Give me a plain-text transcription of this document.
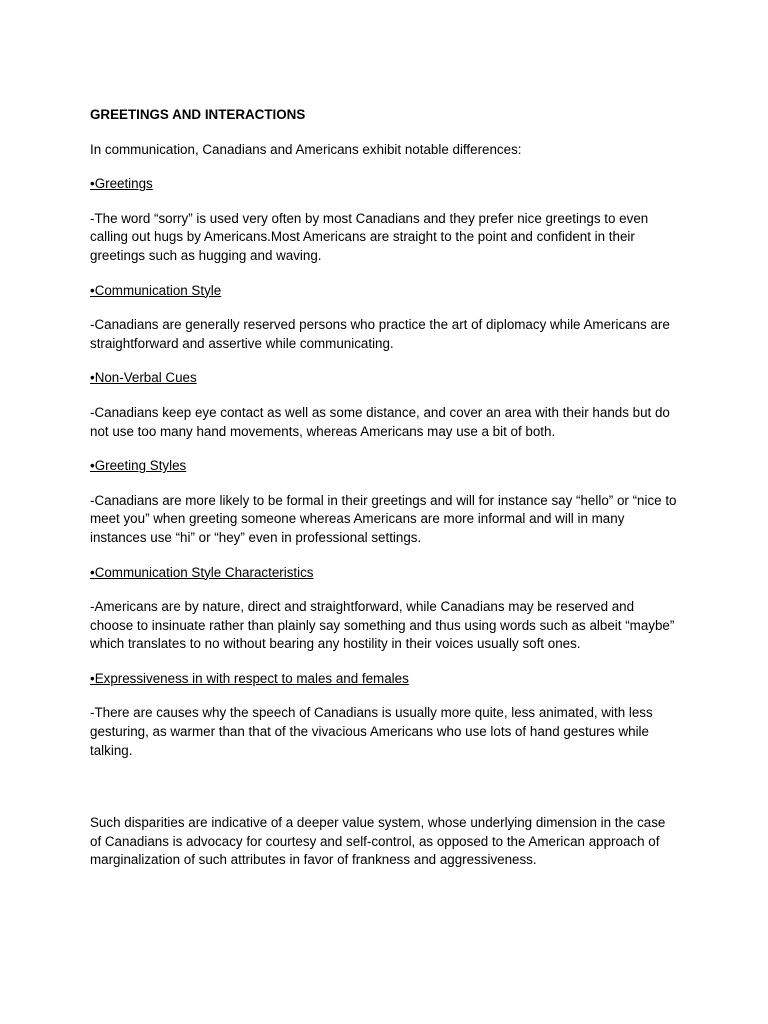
GREETINGS AND INTERACTIONS

In communication, Canadians and Americans exhibit notable differences:

•Greetings

-The word “sorry” is used very often by most Canadians and they prefer nice greetings to even calling out hugs by Americans.Most Americans are straight to the point and confident in their greetings such as hugging and waving.

•Communication Style

-Canadians are generally reserved persons who practice the art of diplomacy while Americans are straightforward and assertive while communicating.

•Non-Verbal Cues

-Canadians keep eye contact as well as some distance, and cover an area with their hands but do not use too many hand movements, whereas Americans may use a bit of both.

•Greeting Styles

-Canadians are more likely to be formal in their greetings and will for instance say “hello” or “nice to meet you” when greeting someone whereas Americans are more informal and will in many instances use “hi” or “hey” even in professional settings.

•Communication Style Characteristics

-Americans are by nature, direct and straightforward, while Canadians may be reserved and choose to insinuate rather than plainly say something and thus using words such as albeit “maybe” which translates to no without bearing any hostility in their voices usually soft ones.

•Expressiveness in with respect to males and females

-There are causes why the speech of Canadians is usually more quite, less animated, with less gesturing, as warmer than that of the vivacious Americans who use lots of hand gestures while talking.

Such disparities are indicative of a deeper value system, whose underlying dimension in the case of Canadians is advocacy for courtesy and self-control, as opposed to the American approach of marginalization of such attributes in favor of frankness and aggressiveness.
